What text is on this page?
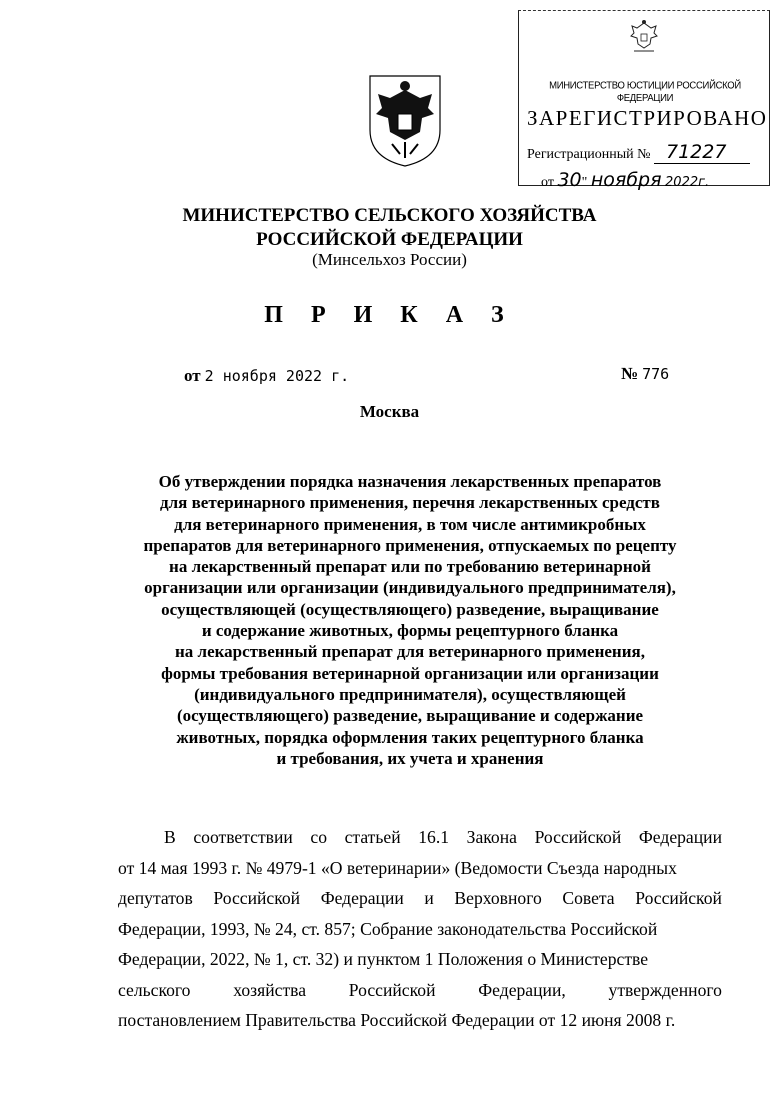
МИНИСТЕРСТВО ЮСТИЦИИ РОССИЙСКОЙ ФЕДЕРАЦИИ
ЗАРЕГИСТРИРОВАНО
Регистрационный № 71227
от 30" ноября 2022г.
МИНИСТЕРСТВО СЕЛЬСКОГО ХОЗЯЙСТВА
РОССИЙСКОЙ ФЕДЕРАЦИИ
(Минсельхоз России)
П Р И К А З
от 2 ноября 2022 г.	№ 776
Москва
Об утверждении порядка назначения лекарственных препаратов
для ветеринарного применения, перечня лекарственных средств
для ветеринарного применения, в том числе антимикробных
препаратов для ветеринарного применения, отпускаемых по рецепту
на лекарственный препарат или по требованию ветеринарной
организации или организации (индивидуального предпринимателя),
осуществляющей (осуществляющего) разведение, выращивание
и содержание животных, формы рецептурного бланка
на лекарственный препарат для ветеринарного применения,
формы требования ветеринарной организации или организации
(индивидуального предпринимателя), осуществляющей
(осуществляющего) разведение, выращивание и содержание
животных, порядка оформления таких рецептурного бланка
и требования, их учета и хранения
В соответствии со статьей 16.1 Закона Российской Федерации
от 14 мая 1993 г. № 4979-1 «О ветеринарии» (Ведомости Съезда народных
депутатов Российской Федерации и Верховного Совета Российской
Федерации, 1993, № 24, ст. 857; Собрание законодательства Российской
Федерации, 2022, № 1, ст. 32) и пунктом 1 Положения о Министерстве
сельского хозяйства Российской Федерации, утвержденного
постановлением Правительства Российской Федерации от 12 июня 2008 г.
